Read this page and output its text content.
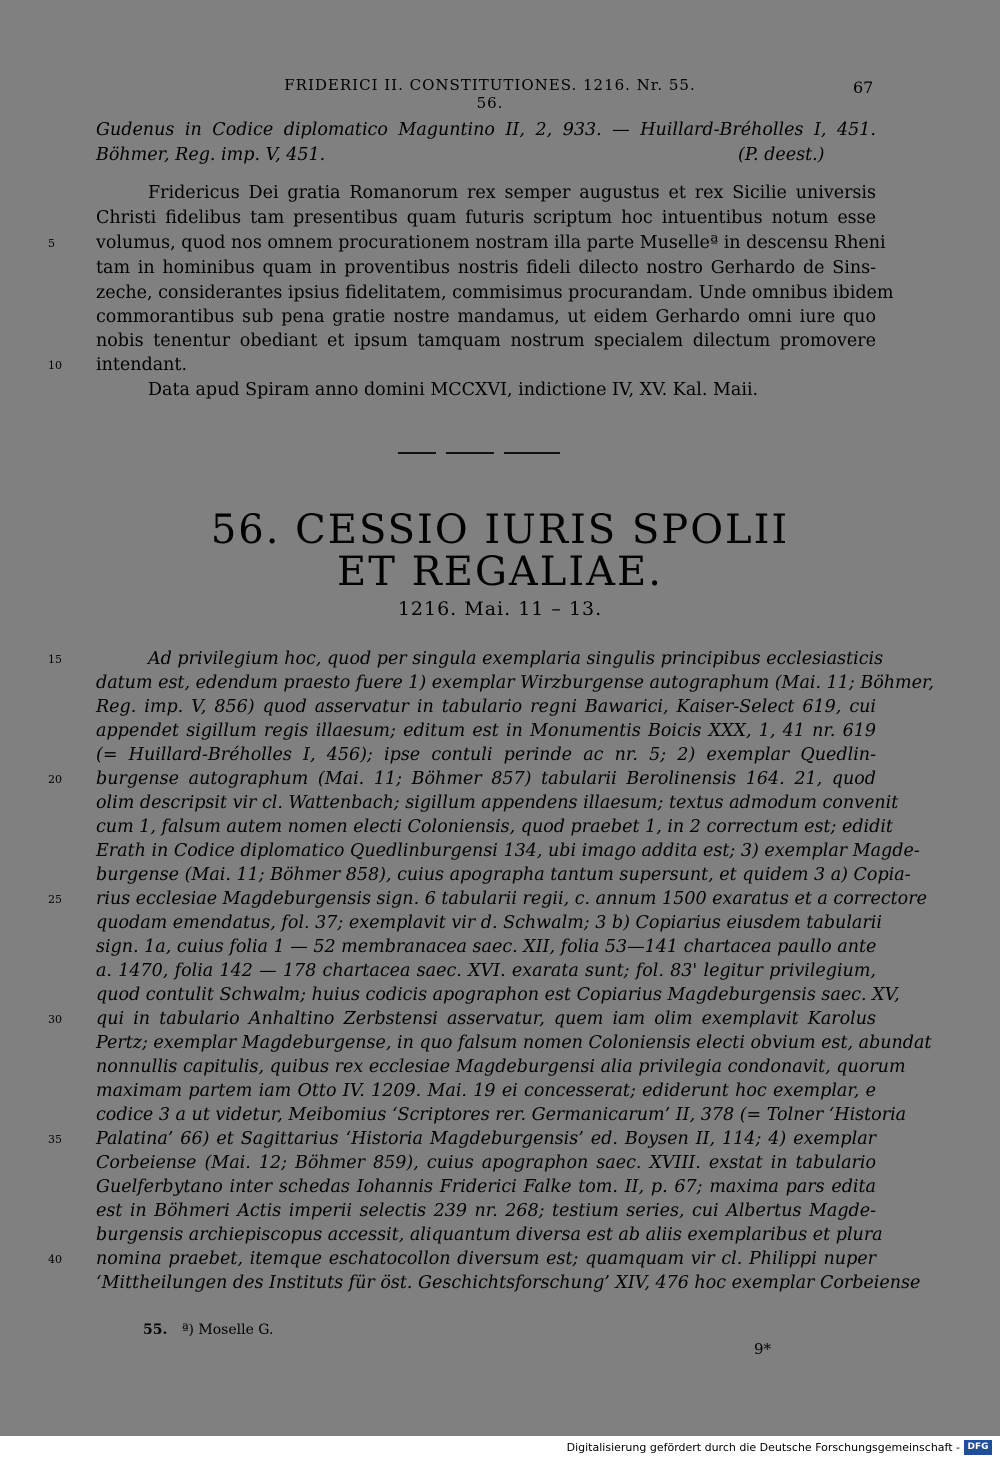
FRIDERICI II. CONSTITUTIONES. 1216. Nr. 55. 56.
67
Gudenus in Codice diplomatico Maguntino II, 2, 933. — Huillard-Bréholles I, 451.
Böhmer, Reg. imp. V, 451.	(P. deest.)
Fridericus Dei gratia Romanorum rex semper augustus et rex Sicilie universis
Christi fidelibus tam presentibus quam futuris scriptum hoc intuentibus notum esse
5 volumus, quod nos omnem procurationem nostram illa parte Muselleª in descensu Rheni
tam in hominibus quam in proventibus nostris fideli dilecto nostro Gerhardo de Sins-
zeche, considerantes ipsius fidelitatem, commisimus procurandam. Unde omnibus ibidem
commorantibus sub pena gratie nostre mandamus, ut eidem Gerhardo omni iure quo
nobis tenentur obediant et ipsum tamquam nostrum specialem dilectum promovere
10 intendant.
Data apud Spiram anno domini MCCXVI, indictione IV, XV. Kal. Maii.
56. CESSIO IURIS SPOLII
ET REGALIAE.
1216. Mai. 11 – 13.
15	Ad privilegium hoc, quod per singula exemplaria singulis principibus ecclesiasticis
datum est, edendum praesto fuere 1) exemplar Wirzburgense autographum (Mai. 11; Böhmer,
Reg. imp. V, 856) quod asservatur in tabulario regni Bawarici, Kaiser-Select 619, cui
appendet sigillum regis illaesum; editum est in Monumentis Boicis XXX, 1, 41 nr. 619
(= Huillard-Bréholles I, 456); ipse contuli perinde ac nr. 5; 2) exemplar Quedlin-
20 burgense autographum (Mai. 11; Böhmer 857) tabularii Berolinensis 164. 21, quod
olim descripsit vir cl. Wattenbach; sigillum appendens illaesum; textus admodum convenit
cum 1, falsum autem nomen electi Coloniensis, quod praebet 1, in 2 correctum est; edidit
Erath in Codice diplomatico Quedlinburgensi 134, ubi imago addita est; 3) exemplar Magde-
burgense (Mai. 11; Böhmer 858), cuius apographa tantum supersunt, et quidem 3 a) Copia-
25 rius ecclesiae Magdeburgensis sign. 6 tabularii regii, c. annum 1500 exaratus et a correctore
quodam emendatus, fol. 37; exemplavit vir d. Schwalm; 3 b) Copiarius eiusdem tabularii
sign. 1a, cuius folia 1 — 52 membranacea saec. XII, folia 53—141 chartacea paullo ante
a. 1470, folia 142 — 178 chartacea saec. XVI. exarata sunt; fol. 83' legitur privilegium,
quod contulit Schwalm; huius codicis apographon est Copiarius Magdeburgensis saec. XV,
30 qui in tabulario Anhaltino Zerbstensi asservatur, quem iam olim exemplavit Karolus
Pertz; exemplar Magdeburgense, in quo falsum nomen Coloniensis electi obvium est, abundat
nonnullis capitulis, quibus rex ecclesiae Magdeburgensi alia privilegia condonavit, quorum
maximam partem iam Otto IV. 1209. Mai. 19 ei concesserat; ediderunt hoc exemplar, e
codice 3 a ut videtur, Meibomius ‘Scriptores rer. Germanicarum’ II, 378 (= Tolner ‘Historia
35 Palatina’ 66) et Sagittarius ‘Historia Magdeburgensis’ ed. Boysen II, 114; 4) exemplar
Corbeiense (Mai. 12; Böhmer 859), cuius apographon saec. XVIII. exstat in tabulario
Guelferbytano inter schedas Iohannis Friderici Falke tom. II, p. 67; maxima pars edita
est in Böhmeri Actis imperii selectis 239 nr. 268; testium series, cui Albertus Magde-
burgensis archiepiscopus accessit, aliquantum diversa est ab aliis exemplaribus et plura
40 nomina praebet, itemque eschatocollon diversum est; quamquam vir cl. Philippi nuper
‘Mittheilungen des Instituts für öst. Geschichtsforschung’ XIV, 476 hoc exemplar Corbeiense
55. ª) Moselle G.
9*
Digitalisierung gefördert durch die Deutsche Forschungsgemeinschaft - DFG
